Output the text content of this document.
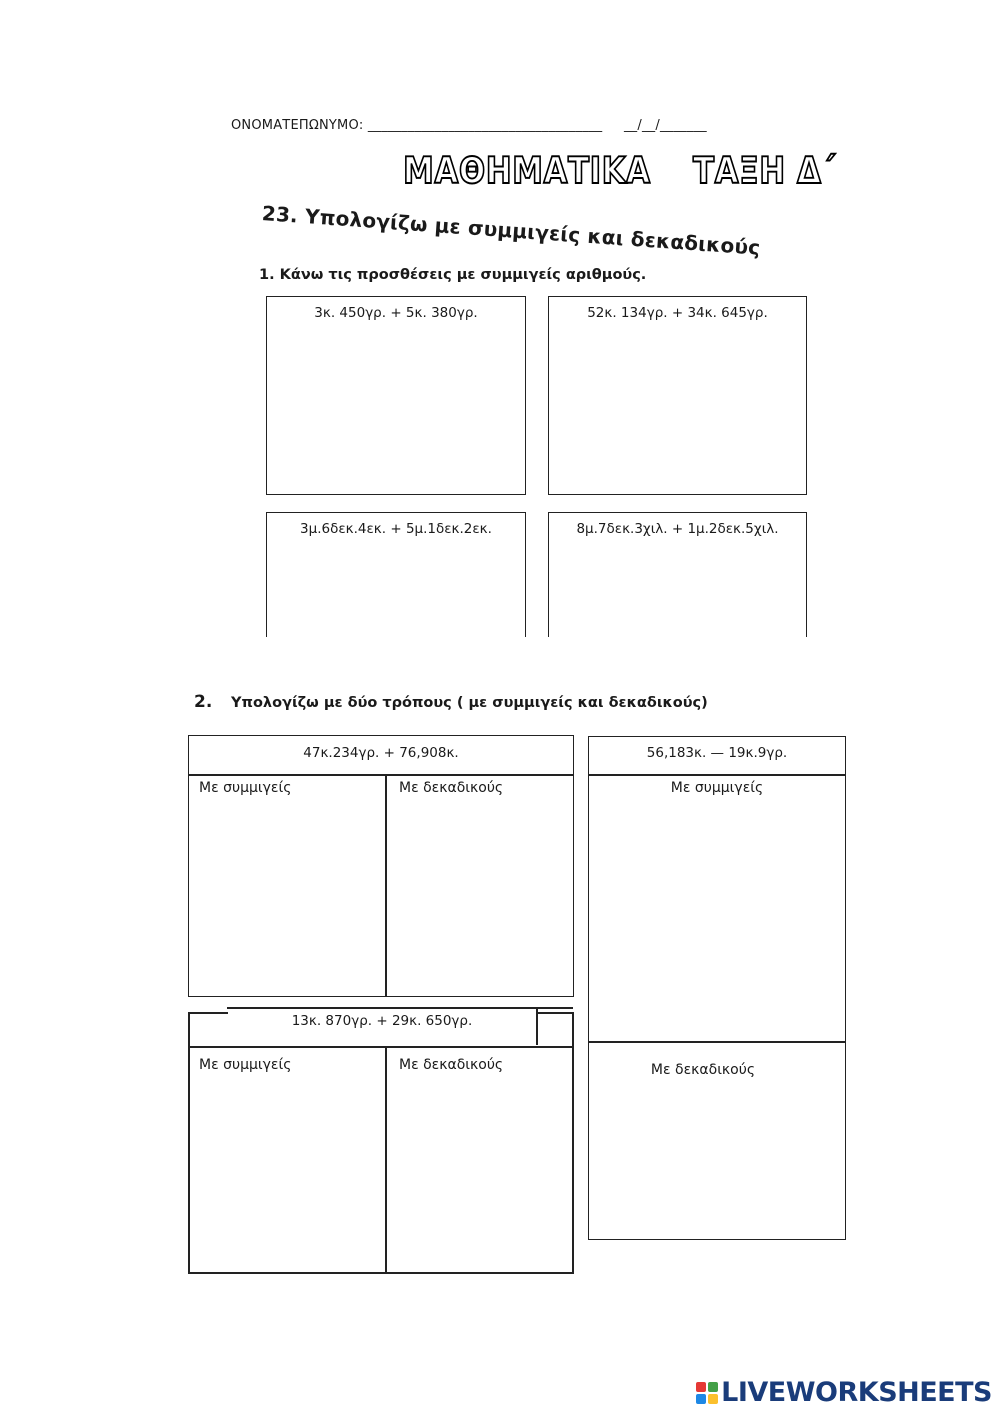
ΟΝΟΜΑΤΕΠΩΝΥΜΟ: ___________________________________ __/__/_______
ΜΑΘΗΜΑΤΙΚΑ ΤΑΞΗ Δ΄
23. Υπολογίζω με συμμιγείς και δεκαδικούς
1. Κάνω τις προσθέσεις με συμμιγείς αριθμούς.
3κ. 450γρ. + 5κ. 380γρ.	52κ. 134γρ. + 34κ. 645γρ.
3μ.6δεκ.4εκ. + 5μ.1δεκ.2εκ.	8μ.7δεκ.3χιλ. + 1μ.2δεκ.5χιλ.
2. Υπολογίζω με δύο τρόπους ( με συμμιγείς και δεκαδικούς)
47κ.234γρ. + 76,908κ.
Με συμμιγείς	Με δεκαδικούς
13κ. 870γρ. + 29κ. 650γρ.
Με συμμιγείς	Με δεκαδικούς
56,183κ. — 19κ.9γρ.
Με συμμιγείς
Με δεκαδικούς
LIVEWORKSHEETS
